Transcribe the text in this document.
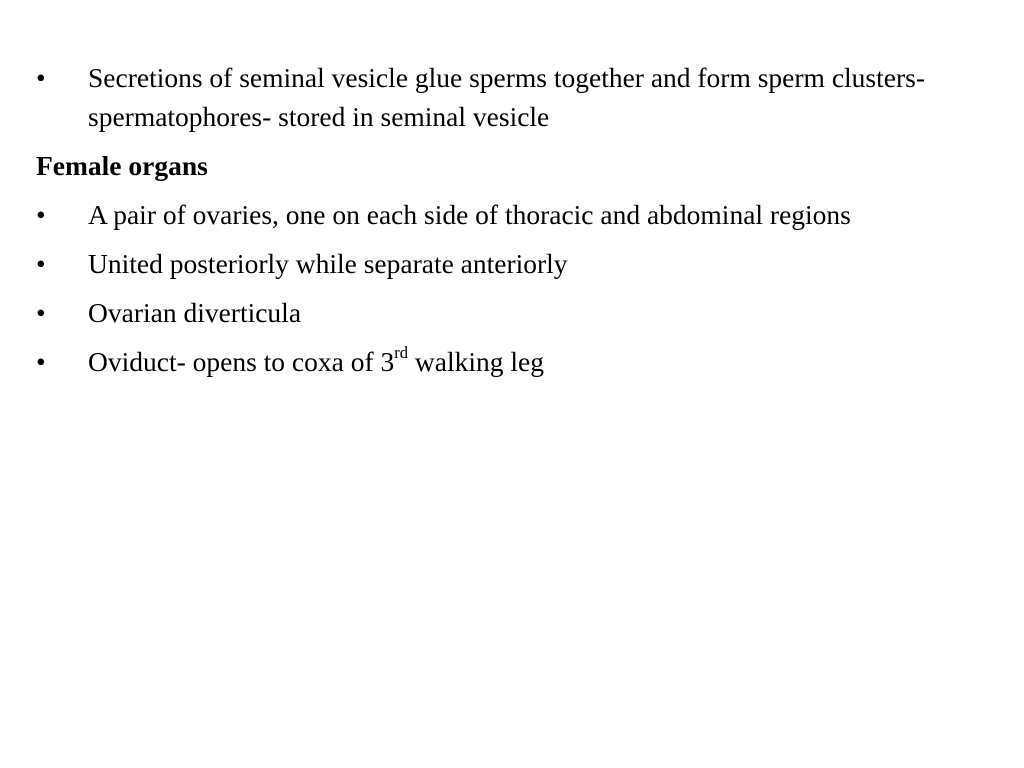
•	Secretions of seminal vesicle glue sperms together and form sperm clusters- spermatophores- stored in seminal vesicle
Female organs
•	A pair of ovaries, one on each side of thoracic and abdominal regions
•	United posteriorly while separate anteriorly
•	Ovarian diverticula
•	Oviduct- opens to coxa of 3rd walking leg
